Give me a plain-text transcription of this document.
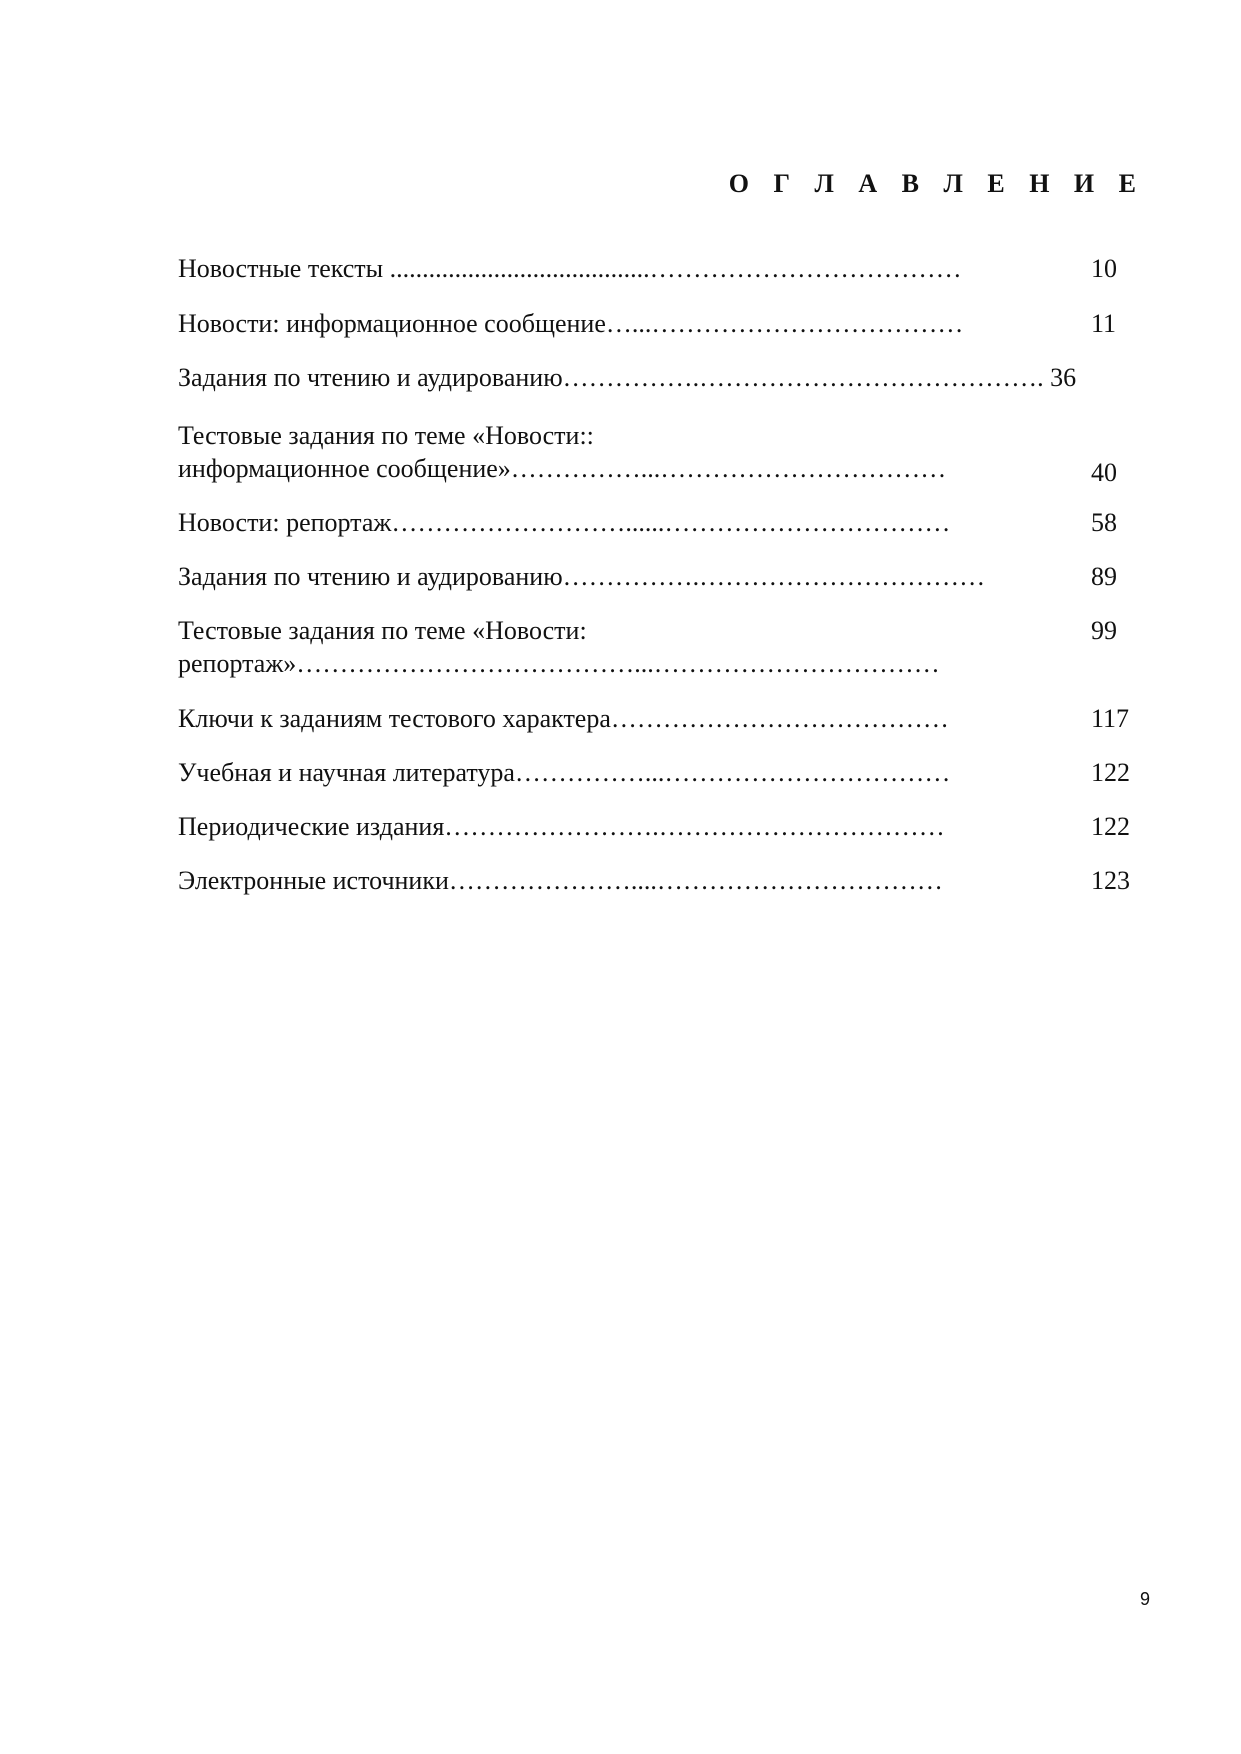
О Г Л А В Л Е Н И Е
Новостные тексты ........................................………………………………	10
Новости: информационное сообщение…...………………………………	11
Задания по чтению и аудированию…………….…………………………………. 36
Тестовые задания по теме «Новости::
информационное сообщение»……………...……………………………	40
Новости: репортаж………………………......……………………………	58
Задания по чтению и аудированию…………….……………………………	89
Тестовые задания по теме «Новости:	99
репортаж»…………………………………...……………………………
Ключи к заданиям тестового характера…………………………………	117
Учебная и научная литература……………...……………………………	122
Периодические издания…………………….……………………………	122
Электронные источники…………………....……………………………	123
9
